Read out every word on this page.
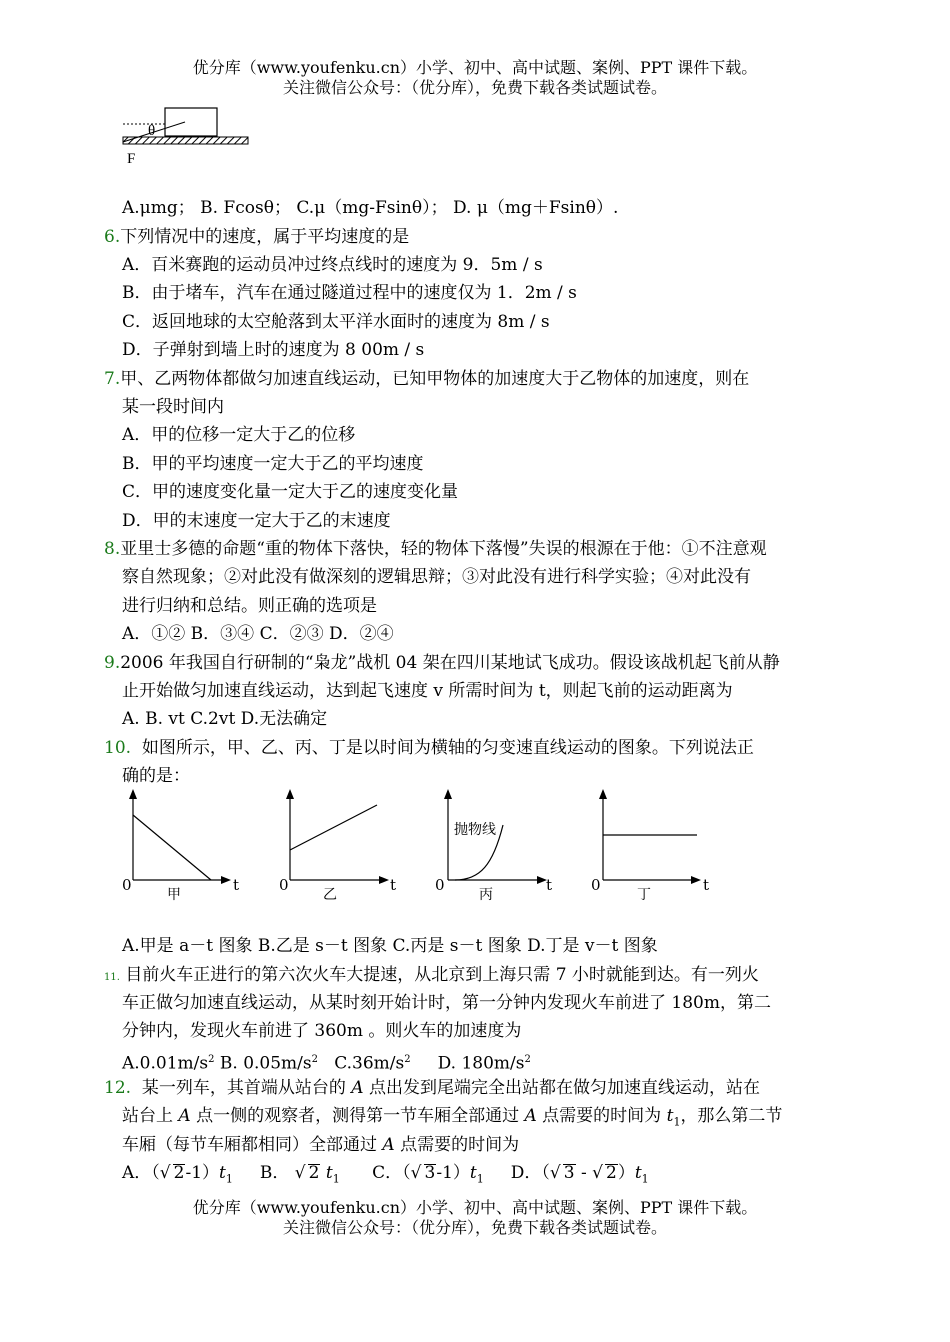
优分库（www.youfenku.cn）小学、初中、高中试题、案例、PPT 课件下载。
关注微信公众号：（优分库），免费下载各类试题试卷。
θ
F
A.μmg； B. Fcosθ； C.μ（mg-Fsinθ）； D. μ（mg＋Fsinθ）.
6.下列情况中的速度，属于平均速度的是
A．百米赛跑的运动员冲过终点线时的速度为 9．5m / s
B．由于堵车，汽车在通过隧道过程中的速度仅为 1．2m / s
C．返回地球的太空舱落到太平洋水面时的速度为 8m / s
D．子弹射到墙上时的速度为 8 00m / s
7.甲、乙两物体都做匀加速直线运动，已知甲物体的加速度大于乙物体的加速度，则在
某一段时间内
A．甲的位移一定大于乙的位移
B．甲的平均速度一定大于乙的平均速度
C．甲的速度变化量一定大于乙的速度变化量
D．甲的末速度一定大于乙的末速度
8.亚里士多德的命题“重的物体下落快，轻的物体下落慢”失误的根源在于他：①不注意观
察自然现象；②对此没有做深刻的逻辑思辩；③对此没有进行科学实验；④对此没有
进行归纳和总结。则正确的选项是
A．①② B．③④ C．②③ D．②④
9.2006 年我国自行研制的“枭龙”战机 04 架在四川某地试飞成功。假设该战机起飞前从静
止开始做匀加速直线运动，达到起飞速度 v 所需时间为 t，则起飞前的运动距离为
A. B. vt C.2vt D.无法确定
10. 如图所示，甲、乙、丙、丁是以时间为横轴的匀变速直线运动的图象。下列说法正
确的是：
0	t
甲
0	t
乙
0	t
丙
抛物线
0	t
丁
A.甲是 a－t 图象 B.乙是 s－t 图象 C.丙是 s－t 图象 D.丁是 v－t 图象
11. 目前火车正进行的第六次火车大提速，从北京到上海只需 7 小时就能到达。有一列火
车正做匀加速直线运动，从某时刻开始计时，第一分钟内发现火车前进了 180m，第二
分钟内，发现火车前进了 360m 。则火车的加速度为
$A.0.01m/s^2$ B. $0.05m/s^2$ $C.36m/s^2$ D. $180m/s^2$
12. 某一列车，其首端从站台的 A 点出发到尾端完全出站都在做匀加速直线运动，站在
站台上 A 点一侧的观察者，测得第一节车厢全部通过 A 点需要的时间为 $t_1$，那么第二节
车厢（每节车厢都相同）全部通过 A 点需要的时间为
A．（√ $2-1)t_1$ B． √ 2 $t_1$ C．（√ $3-1)t_1$ D．（√ 3 - √ $2)t_1$
优分库（www.youfenku.cn）小学、初中、高中试题、案例、PPT 课件下载。
关注微信公众号：（优分库），免费下载各类试题试卷。
